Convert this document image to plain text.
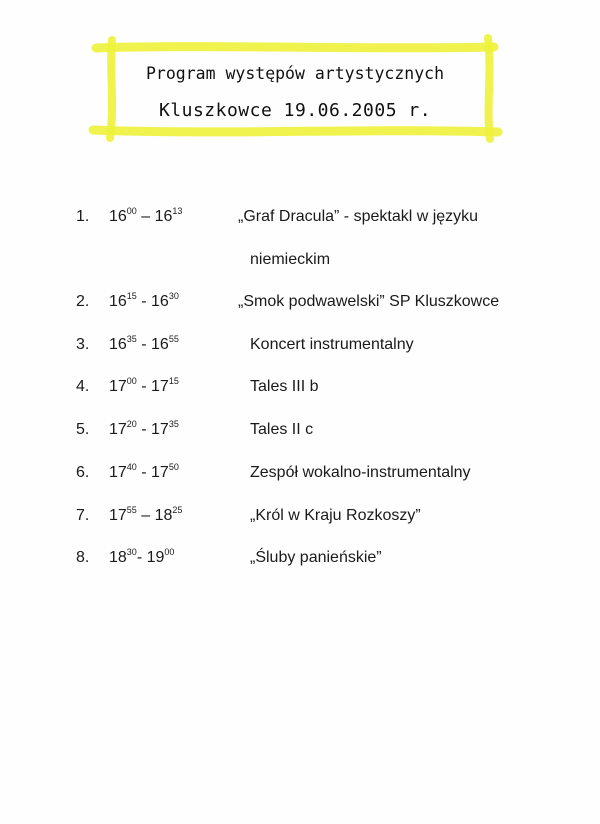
Program występów artystycznych
Kluszkowce 19.06.2005 r.
1.	$16^{00} - 16^{13}$	„Graf Dracula” - spektakl w języku
niemieckim
2.	$16^{15} - 16^{30}$	„Smok podwawelski” SP Kluszkowce
3.	$16^{35} - 16^{55}$	Koncert instrumentalny
4.	$17^{00} - 17^{15}$	Tales III b
5.	$17^{20} - 17^{35}$	Tales II c
6.	$17^{40} - 17^{50}$	Zespół wokalno-instrumentalny
7.	$17^{55} - 18^{25}$	„Król w Kraju Rozkoszy”
8.	$18^{30}-$ $19^{00}$	„Śluby panieńskie”
